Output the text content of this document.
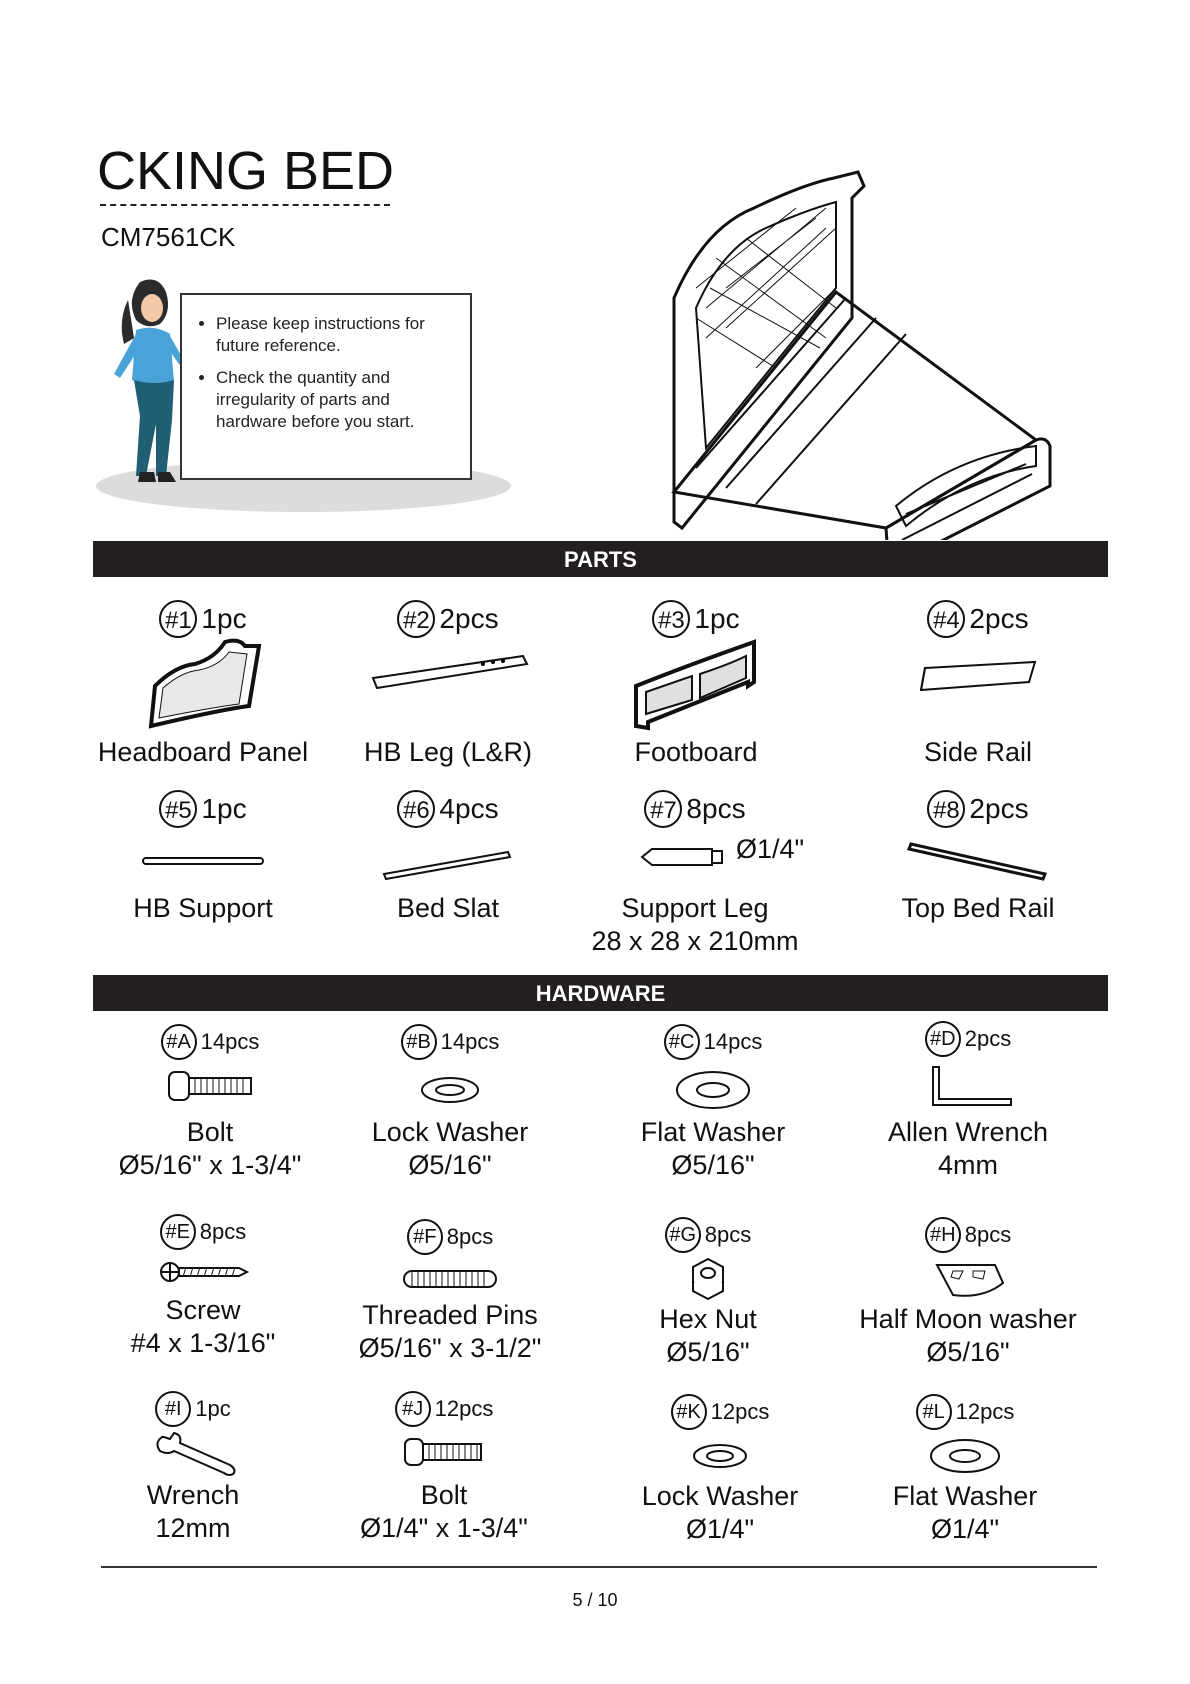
CKING BED
CM7561CK
• Please keep instructions for future reference.
• Check the quantity and irregularity of parts and hardware before you start.
PARTS
#1 1pc
Headboard Panel
#2 2pcs
HB Leg (L&R)
#3 1pc
Footboard
#4 2pcs
Side Rail
#5 1pc
HB Support
#6 4pcs
Bed Slat
#7 8pcs
Ø1/4"
Support Leg
28 x 28 x 210mm
#8 2pcs
Top Bed Rail
HARDWARE
#A 14pcs
Bolt
Ø5/16" x 1-3/4"
#B 14pcs
Lock Washer
Ø5/16"
#C 14pcs
Flat Washer
Ø5/16"
#D 2pcs
Allen Wrench
4mm
#E 8pcs
Screw
#4 x 1-3/16"
#F 8pcs
Threaded Pins
Ø5/16" x 3-1/2"
#G 8pcs
Hex Nut
Ø5/16"
#H 8pcs
Half Moon washer
Ø5/16"
#I 1pc
Wrench
12mm
#J 12pcs
Bolt
Ø1/4" x 1-3/4"
#K 12pcs
Lock Washer
Ø1/4"
#L 12pcs
Flat Washer
Ø1/4"
5 / 10
